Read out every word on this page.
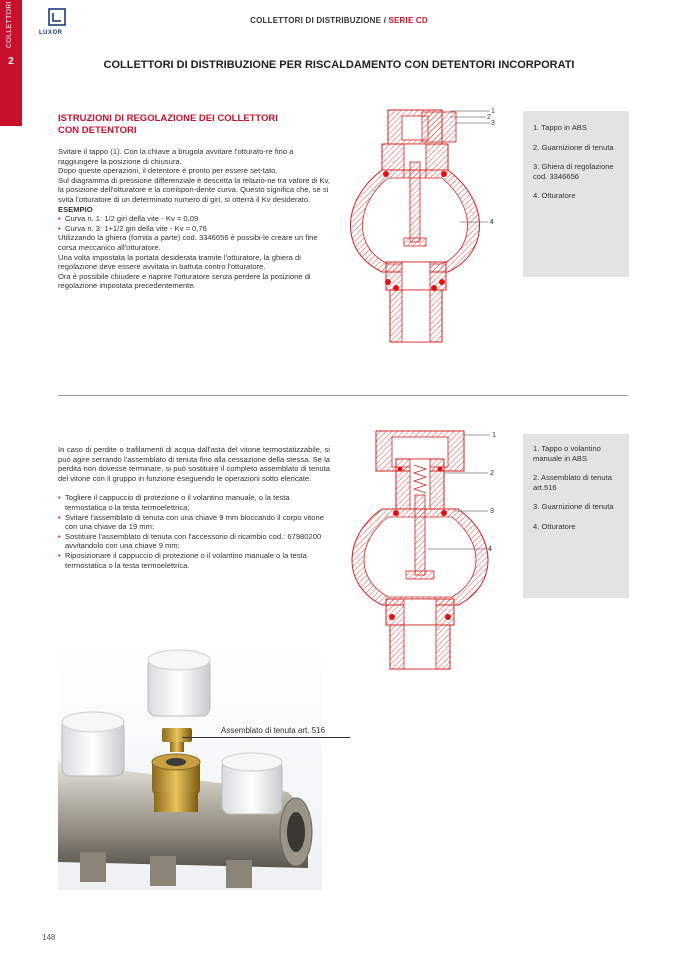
COLLETTORI
2
LUXOR
COLLETTORI DI DISTRIBUZIONE / SERIE CD
COLLETTORI DI DISTRIBUZIONE PER RISCALDAMENTO CON DETENTORI INCORPORATI
ISTRUZIONI DI REGOLAZIONE DEI COLLETTORI
CON DETENTORI

Svitare il tappo (1). Con la chiave a brugola avvitare l'otturato-re fino a raggiungere la posizione di chiusura.

Dopo queste operazioni, il detentore è pronto per essere set-tato.

Sul diagramma di pressione differenziale è descritta la relazio-ne tra valore di Kv, la posizione dell'otturatore e la corrispon-dente curva. Questo significa che, se si svita l'otturatore di un determinato numero di giri, si otterrà il Kv desiderato.

ESEMPIO

• Curva n. 1: 1/2 giri della vite - Kv = 0,09
• Curva n. 3: 1+1/2 giri della vite - Kv = 0,76

Utilizzando la ghiera (fornita a parte) cod. 3346656 è possibi-le creare un fine corsa meccanico all'otturatore.

Una volta impostata la portata desiderata tramite l'otturatore, la ghiera di regolazione deve essere avvitata in battuta contro l'otturatore.

Ora è possibile chiudere e riaprire l'otturatore senza perdere la posizione di regolazione impostata precedentemente.

1
2
3
4
1. Tappo in ABS
2. Guarnizione di tenuta
3. Ghiera di regolazione cod. 3346656
4. Otturatore

In caso di perdite o trafilamenti di acqua dall'asta del vitone termostatizzabile, si può agire serrando l'assemblato di tenuta fino alla cessazione della stessa. Se la perdita non dovesse terminare, si può sostituire il completo assemblato di tenuta del vitone con il gruppo in funzione eseguendo le operazioni sotto elencate.

• Togliere il cappuccio di protezione o il volantino manuale, o la testa termostatica o la testa termoelettrica;
• Svitare l'assemblato di tenuta con una chiave 9 mm bloccando il corpo vitone con una chiave da 19 mm;
• Sostituire l'assemblato di tenuta con l'accessorio di ricambio cod.: 67980200 avvitandolo con una chiave 9 mm;
• Riposizionare il cappuccio di protezione o il volantino manuale o la testa termostatica o la testa termoelettrica.
1
2
3
4
1. Tappo o volantino manuale in ABS
2. Assemblato di tenuta art.516
3. Guarnizione di tenuta
4. Otturatore
Assemblato di tenuta art. 516
148
